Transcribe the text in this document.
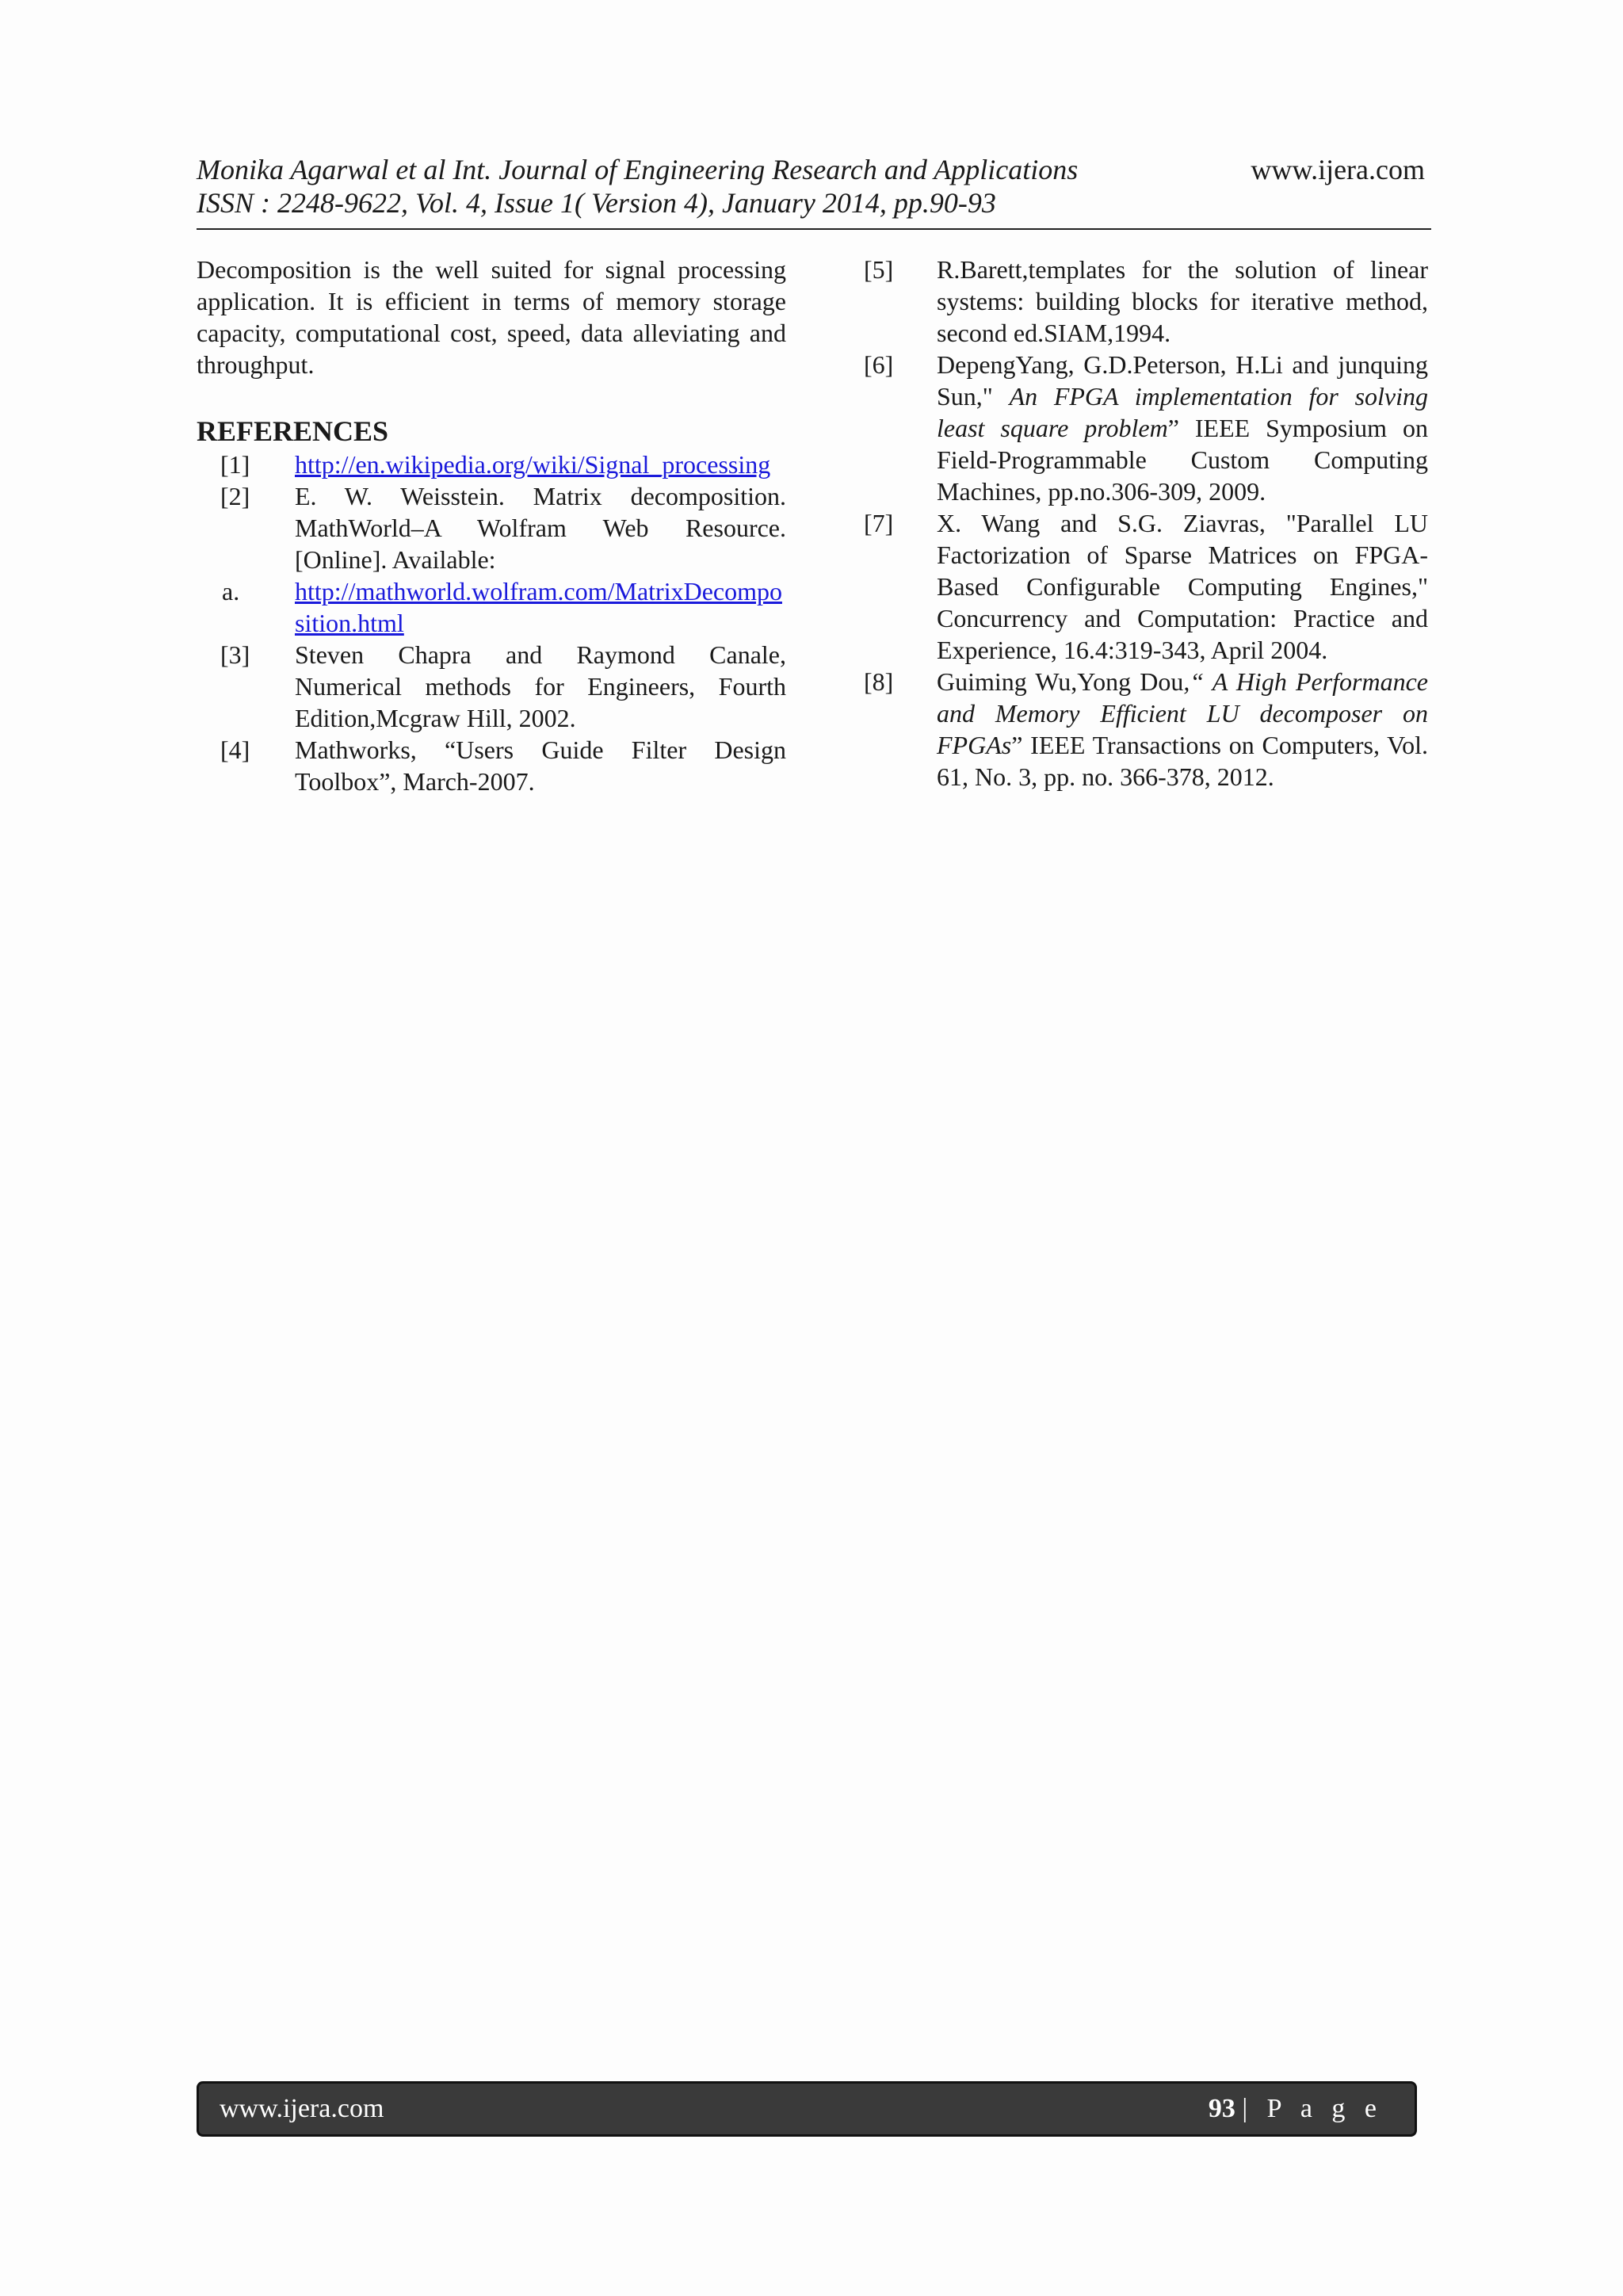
Monika Agarwal et al Int. Journal of Engineering Research and Applications
ISSN : 2248-9622, Vol. 4, Issue 1( Version 4), January 2014, pp.90-93
www.ijera.com

Decomposition is the well suited for signal processing application. It is efficient in terms of memory storage capacity, computational cost, speed, data alleviating and throughput.

REFERENCES
[1] http://en.wikipedia.org/wiki/Signal_processing
[2] E. W. Weisstein. Matrix decomposition. MathWorld–A Wolfram Web Resource. [Online]. Available:
a. http://mathworld.wolfram.com/MatrixDecomposition.html
[3] Steven Chapra and Raymond Canale, Numerical methods for Engineers, Fourth Edition,Mcgraw Hill, 2002.
[4] Mathworks, “Users Guide Filter Design Toolbox”, March-2007.
[5] R.Barett,templates for the solution of linear systems: building blocks for iterative method, second ed.SIAM,1994.
[6] DepengYang, G.D.Peterson, H.Li and junquing Sun," An FPGA implementation for solving least square problem” IEEE Symposium on Field-Programmable Custom Computing Machines, pp.no.306-309, 2009.
[7] X. Wang and S.G. Ziavras, "Parallel LU Factorization of Sparse Matrices on FPGA-Based Configurable Computing Engines," Concurrency and Computation: Practice and Experience, 16.4:319-343, April 2004.
[8] Guiming Wu,Yong Dou,“ A High Performance and Memory Efficient LU decomposer on FPGAs” IEEE Transactions on Computers, Vol. 61, No. 3, pp. no. 366-378, 2012.
www.ijera.com	93 | P a g e
